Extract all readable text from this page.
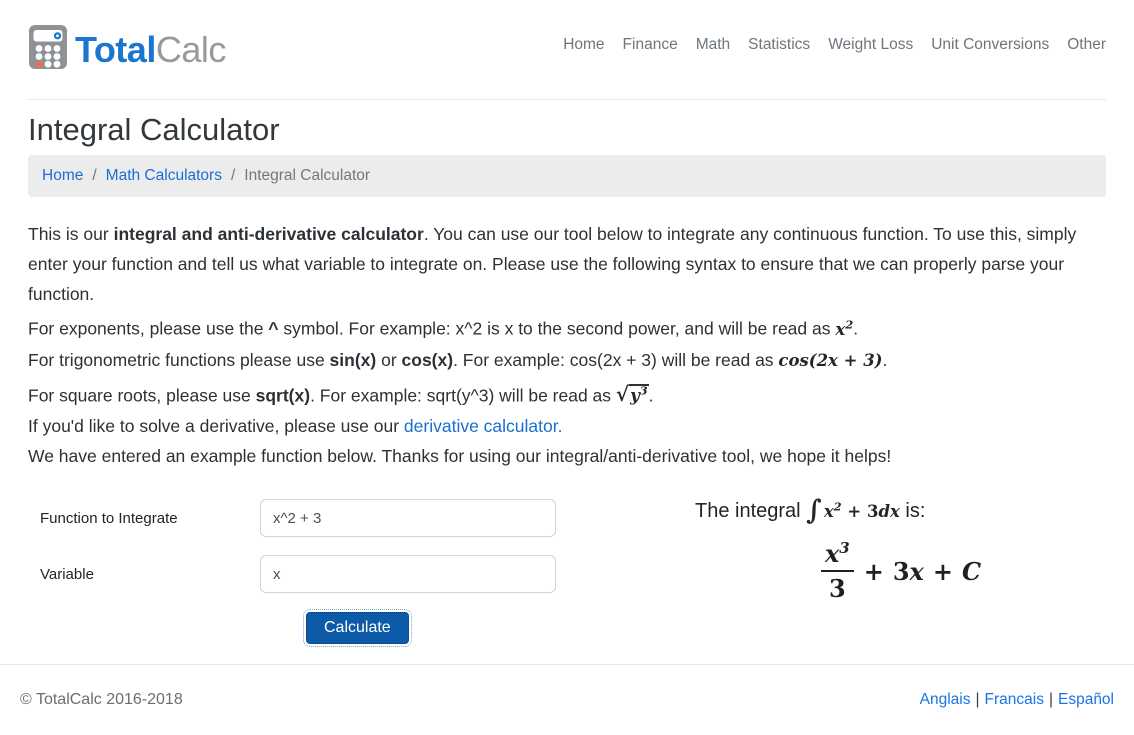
TotalCalc	Home Finance Math Statistics Weight Loss Unit Conversions Other
Integral Calculator
Home / Math Calculators / Integral Calculator

This is our integral and anti-derivative calculator. You can use our tool below to integrate any continuous function. To use this, simply enter your function and tell us what variable to integrate on. Please use the following syntax to ensure that we can properly parse your function.

For exponents, please use the ^ symbol. For example: x^2 is x to the second power, and will be read as $x^2$.

For trigonometric functions please use sin(x) or cos(x). For example: cos(2x + 3) will be read as cos(2x + 3).

For square roots, please use sqrt(x). For example: sqrt(y^3) will be read as $√y^3$.

If you'd like to solve a derivative, please use our derivative calculator.

We have entered an example function below. Thanks for using our integral/anti-derivative tool, we hope it helps!

Function to Integrate
x^2 + 3
Variable
x
Calculate
The integral ∫ $x^2 + 3dx$ is:
$\frac{x^3}{3} + 3x + C$
© TotalCalc 2016-2018	Anglais | Francais | Español
